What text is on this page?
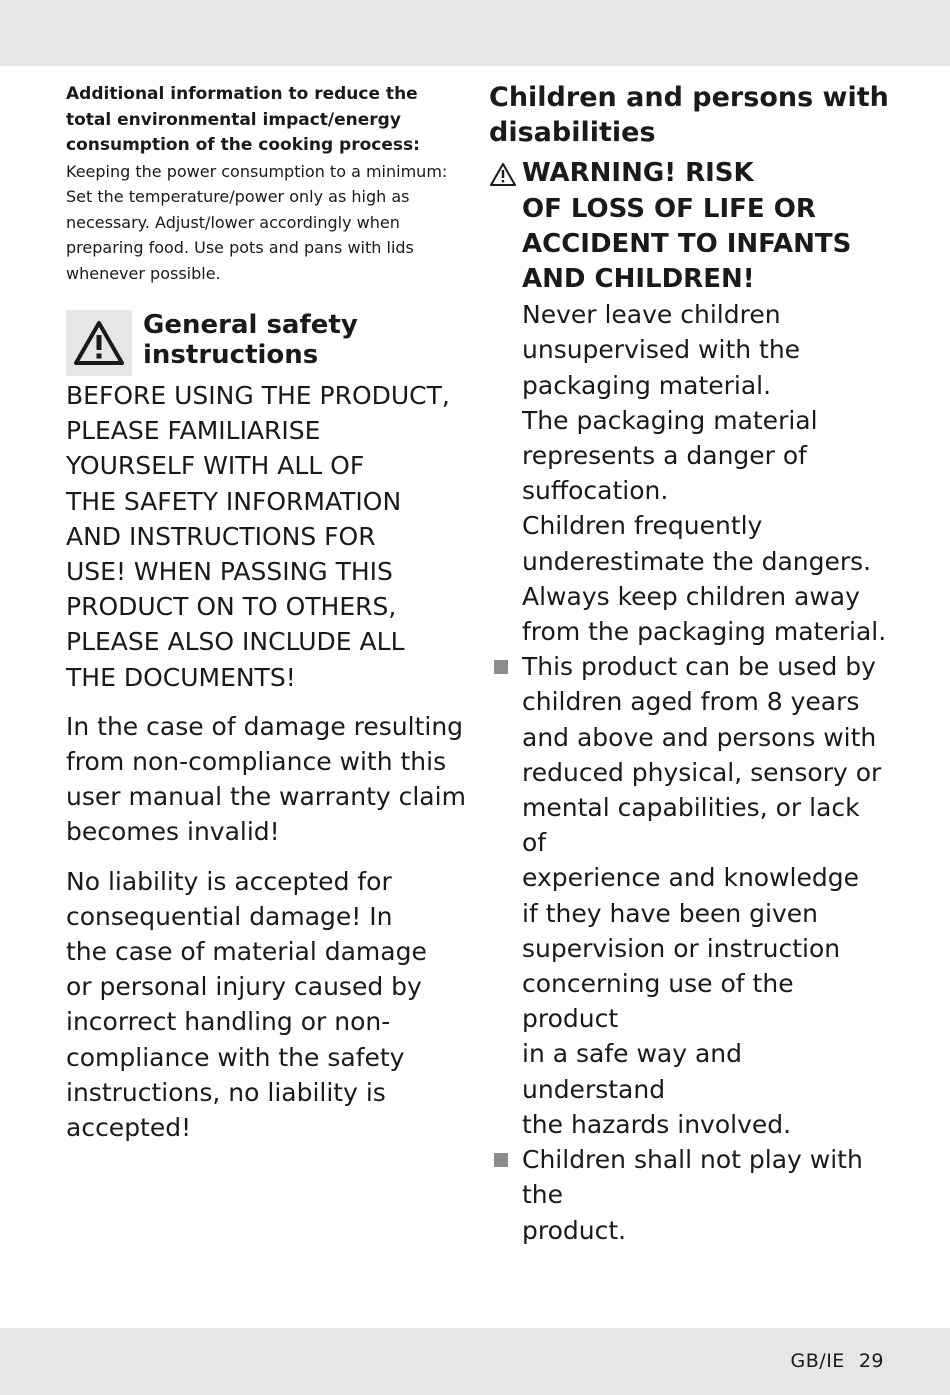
Additional information to reduce the
total environmental impact/energy
consumption of the cooking process:
Keeping the power consumption to a minimum:
Set the temperature/power only as high as
necessary. Adjust/lower accordingly when
preparing food. Use pots and pans with lids
whenever possible.
General safety
instructions
BEFORE USING THE PRODUCT,
PLEASE FAMILIARISE
YOURSELF WITH ALL OF
THE SAFETY INFORMATION
AND INSTRUCTIONS FOR
USE! WHEN PASSING THIS
PRODUCT ON TO OTHERS,
PLEASE ALSO INCLUDE ALL
THE DOCUMENTS!
In the case of damage resulting
from non-compliance with this
user manual the warranty claim
becomes invalid!
No liability is accepted for
consequential damage! In
the case of material damage
or personal injury caused by
incorrect handling or non-
compliance with the safety
instructions, no liability is
accepted!
Children and persons with
disabilities
WARNING! RISK
OF LOSS OF LIFE OR
ACCIDENT TO INFANTS
AND CHILDREN!
Never leave children
unsupervised with the
packaging material.
The packaging material
represents a danger of
suffocation.
Children frequently
underestimate the dangers.
Always keep children away
from the packaging material.
This product can be used by
children aged from 8 years
and above and persons with
reduced physical, sensory or
mental capabilities, or lack of
experience and knowledge
if they have been given
supervision or instruction
concerning use of the product
in a safe way and understand
the hazards involved.
Children shall not play with the
product.
GB/IE 29
